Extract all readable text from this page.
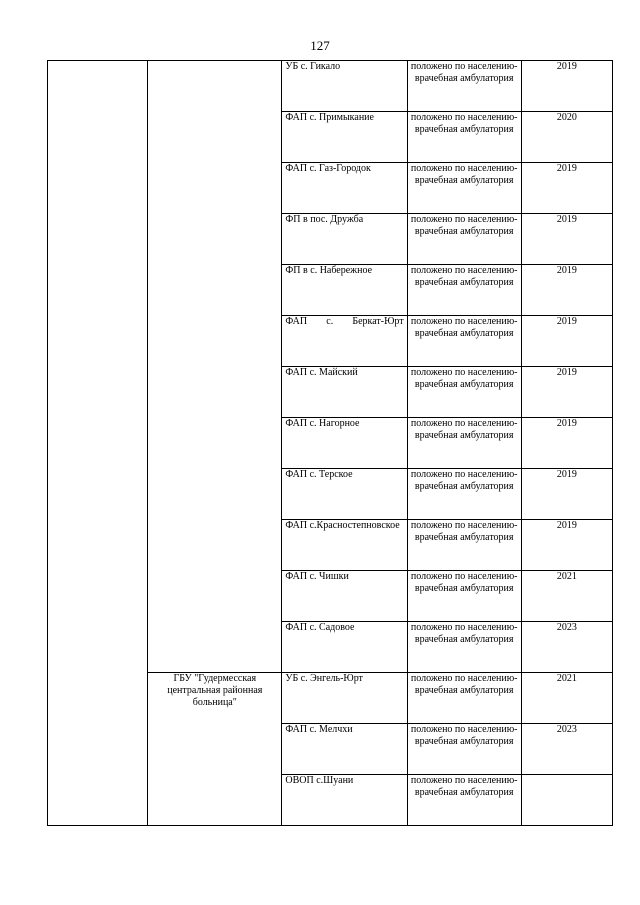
127

		УБ с. Гикало	положено по населению-врачебная амбулатория	2019

		ФАП с. Примыкание	положено по населению-врачебная амбулатория	2020

		ФАП с. Газ-Городок	положено по населению-врачебная амбулатория	2019

		ФП в пос. Дружба	положено по населению-врачебная амбулатория	2019

		ФП в с. Набережное	положено по населению-врачебная амбулатория	2019

		ФАП с. Беркат-Юрт	положено по населению-врачебная амбулатория	2019

		ФАП с. Майский	положено по населению-врачебная амбулатория	2019

		ФАП с. Нагорное	положено по населению-врачебная амбулатория	2019

		ФАП с. Терское	положено по населению-врачебная амбулатория	2019

		ФАП с.Красностепновское	положено по населению-врачебная амбулатория	2019

		ФАП с. Чишки	положено по населению-врачебная амбулатория	2021

		ФАП с. Садовое	положено по населению-врачебная амбулатория	2023
	ГБУ "Гудермесская центральная районная больница"	УБ с. Энгель-Юрт	положено по населению-врачебная амбулатория	2021

		ФАП с. Мелчхи	положено по населению-врачебная амбулатория	2023

		ОВОП с.Шуани	положено по населению-врачебная амбулатория	
